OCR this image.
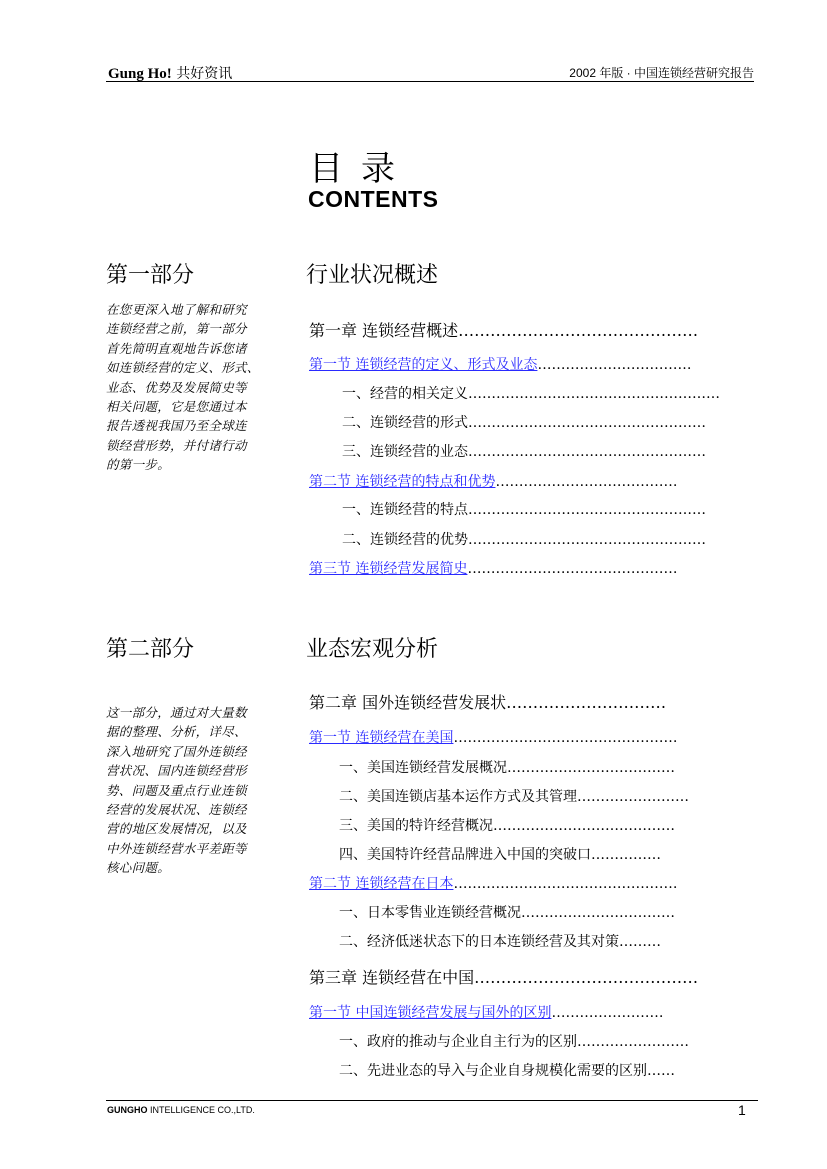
Gung Ho! 共好资讯	2002 年版 · 中国连锁经营研究报告
目录
CONTENTS
第一部分	行业状况概述
在您更深入地了解和研究
连锁经营之前，第一部分
首先简明直观地告诉您诸
如连锁经营的定义、形式、
业态、优势及发展简史等
相关问题，它是您通过本
报告透视我国乃至全球连
锁经营形势，并付诸行动
的第一步。
第二部分	业态宏观分析
这一部分，通过对大量数
据的整理、分析，详尽、
深入地研究了国外连锁经
营状况、国内连锁经营形
势、问题及重点行业连锁
经营的发展状况、连锁经
营的地区发展情况，以及
中外连锁经营水平差距等
核心问题。
第一章 连锁经营概述………………………………………
第一节 连锁经营的定义、形式及业态……………………………
一、经营的相关定义………………………………………………
二、连锁经营的形式……………………………………………
三、连锁经营的业态……………………………………………
第二节 连锁经营的特点和优势…………………………………
一、连锁经营的特点……………………………………………
二、连锁经营的优势……………………………………………
第三节 连锁经营发展简史………………………………………
第二章 国外连锁经营发展状…………………………
第一节 连锁经营在美国…………………………………………
一、美国连锁经营发展概况………………………………
二、美国连锁店基本运作方式及其管理……………………
三、美国的特许经营概况…………………………………
四、美国特许经营品牌进入中国的突破口……………
第二节 连锁经营在日本…………………………………………
一、日本零售业连锁经营概况……………………………
二、经济低迷状态下的日本连锁经营及其对策………
第三章 连锁经营在中国……………………………………
第一节 中国连锁经营发展与国外的区别……………………
一、政府的推动与企业自主行为的区别……………………
二、先进业态的导入与企业自身规模化需要的区别……
GUNGHO INTELLIGENCE CO.,LTD.	1
